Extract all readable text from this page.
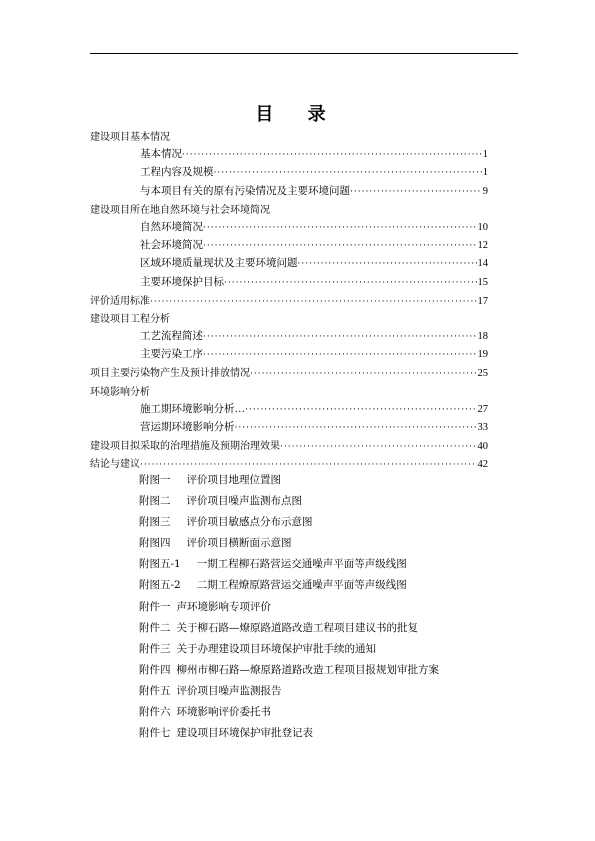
目 录
建设项目基本情况
基本情况 ·····	1
工程内容及规模 ·····	1
与本项目有关的原有污染情况及主要环境问题 ·····	9
建设项目所在地自然环境与社会环境简况
自然环境简况 ·····	10
社会环境简况 ·····	12
区域环境质量现状及主要环境问题 ·····	14
主要环境保护目标 ·····	15
评价适用标准 ·····	17
建设项目工程分析
工艺流程简述 ·····	18
主要污染工序 ·····	19
项目主要污染物产生及预计排放情况 ·····	25
环境影响分析
施工期环境影响分析… ·····	27
营运期环境影响分析 ·····	33
建设项目拟采取的治理措施及预期治理效果 ·····	40
结论与建议 ·····	42
附图一 评价项目地理位置图
附图二 评价项目噪声监测布点图
附图三 评价项目敏感点分布示意图
附图四 评价项目横断面示意图
附图五-1 一期工程柳石路营运交通噪声平面等声级线图
附图五-2 二期工程燎原路营运交通噪声平面等声级线图
附件一 声环境影响专项评价
附件二 关于柳石路—燎原路道路改造工程项目建议书的批复
附件三 关于办理建设项目环境保护审批手续的通知
附件四 柳州市柳石路—燎原路道路改造工程项目报规划审批方案
附件五 评价项目噪声监测报告
附件六 环境影响评价委托书
附件七 建设项目环境保护审批登记表
